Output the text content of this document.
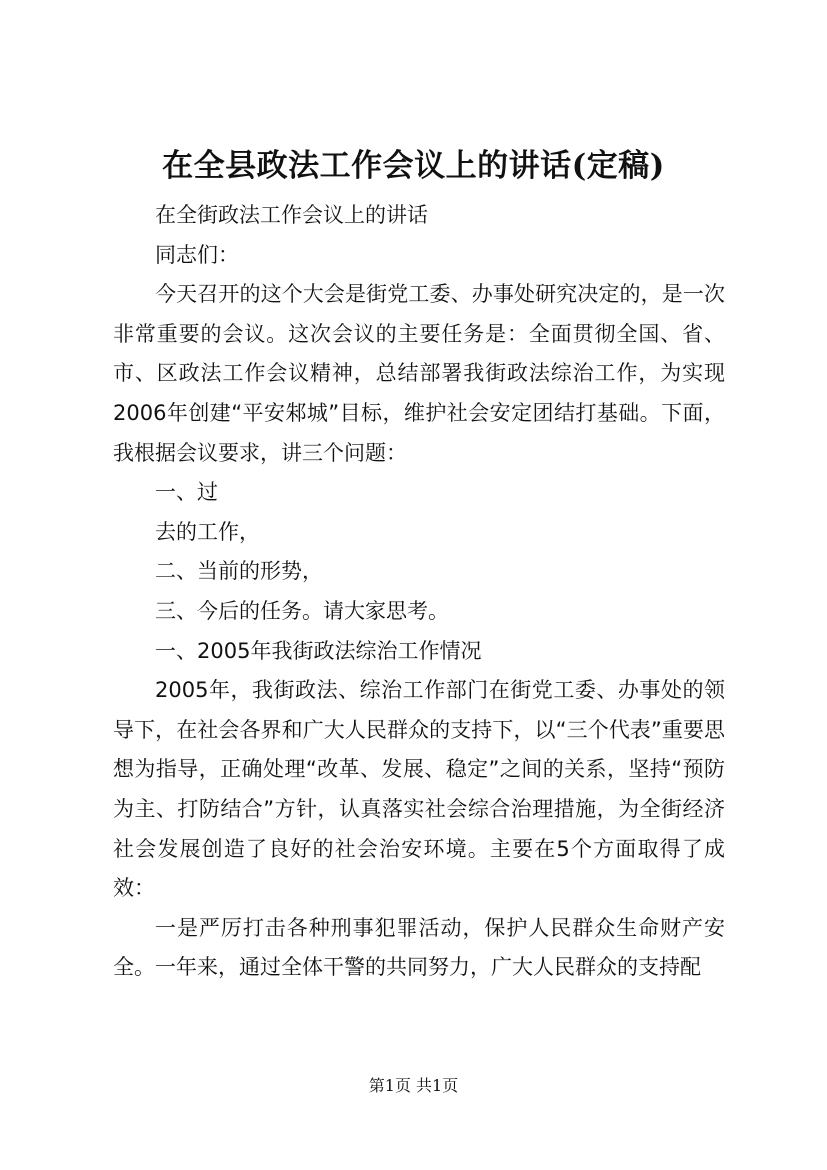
在全县政法工作会议上的讲话(定稿)

在全街政法工作会议上的讲话

同志们：

今天召开的这个大会是街党工委、办事处研究决定的，是一次非常重要的会议。这次会议的主要任务是：全面贯彻全国、省、市、区政法工作会议精神，总结部署我街政法综治工作，为实现2006年创建“平安邾城”目标，维护社会安定团结打基础。下面，我根据会议要求，讲三个问题：

一、过

去的工作，

二、当前的形势，

三、今后的任务。请大家思考。

一、2005年我街政法综治工作情况

2005年，我街政法、综治工作部门在街党工委、办事处的领导下，在社会各界和广大人民群众的支持下，以“三个代表”重要思想为指导，正确处理“改革、发展、稳定”之间的关系，坚持“预防为主、打防结合”方针，认真落实社会综合治理措施，为全街经济社会发展创造了良好的社会治安环境。主要在5个方面取得了成效：

一是严厉打击各种刑事犯罪活动，保护人民群众生命财产安全。一年来，通过全体干警的共同努力，广大人民群众的支持配

第1页 共1页
